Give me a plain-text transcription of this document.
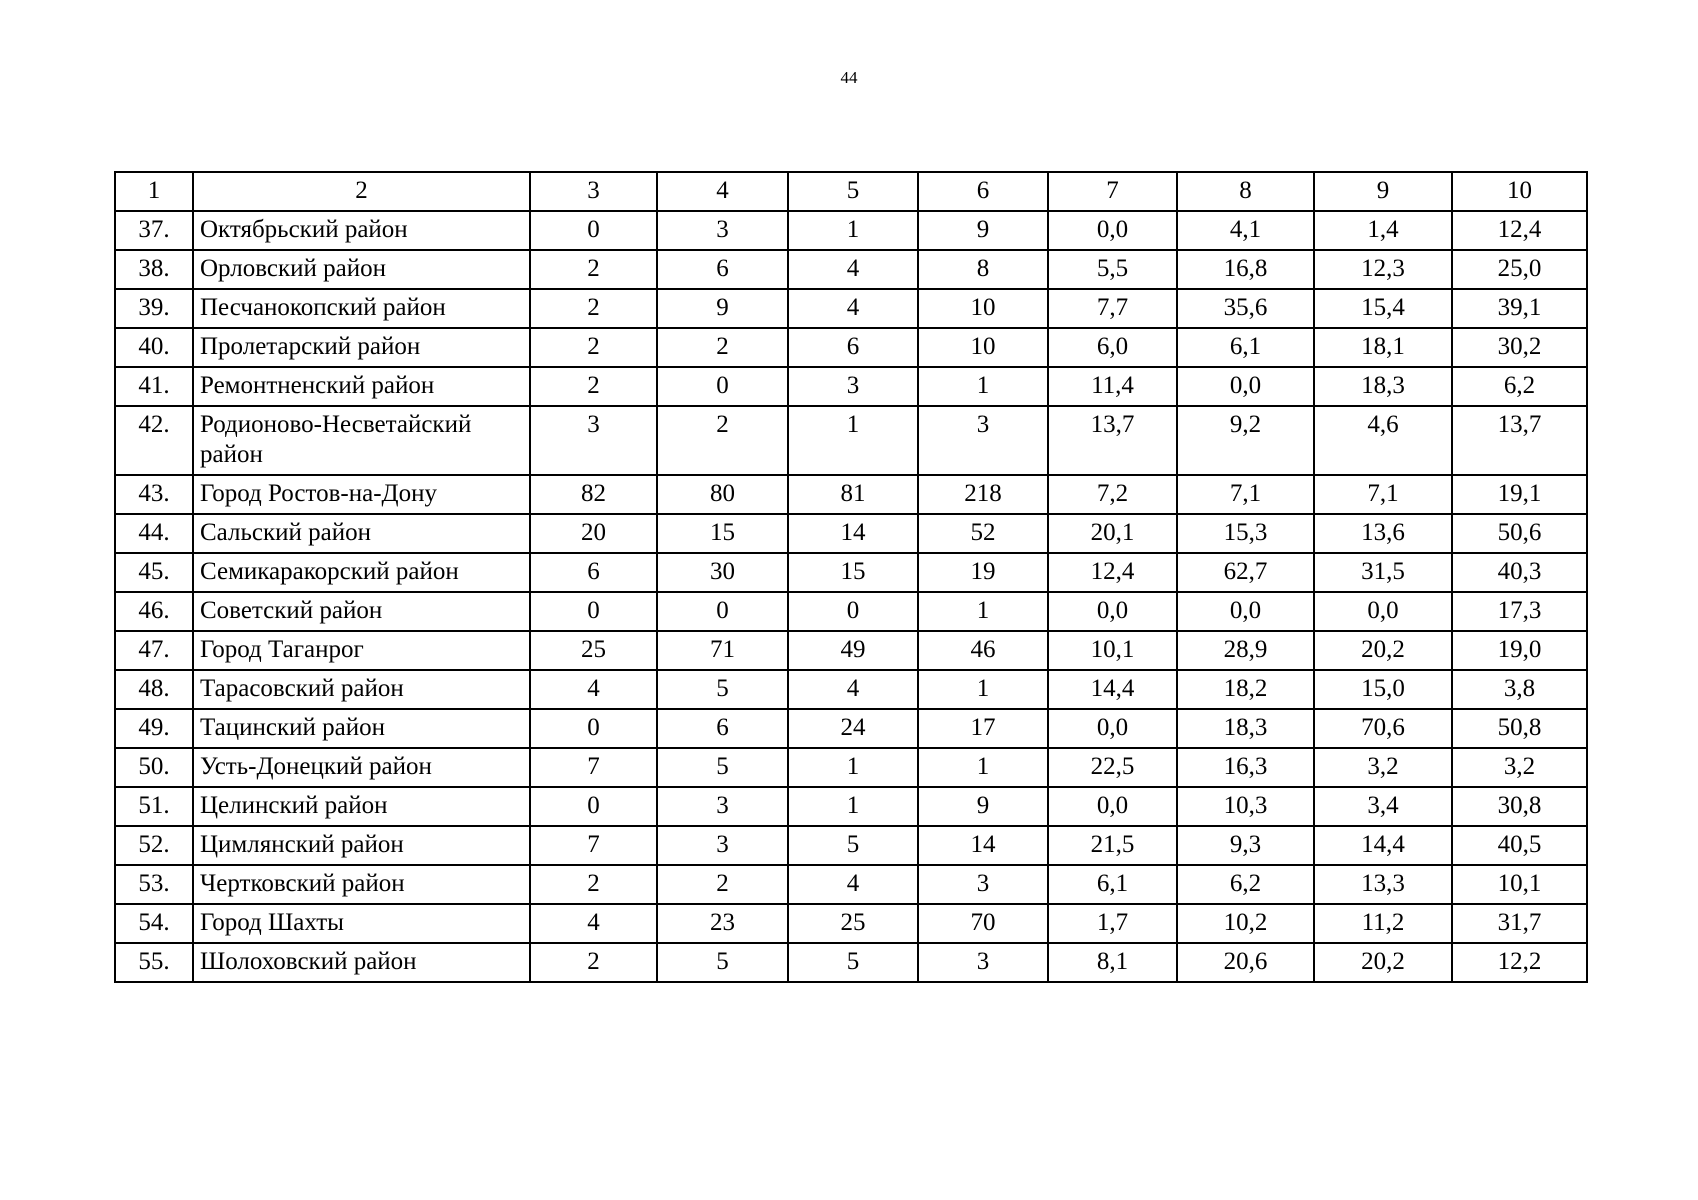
44
1	2	3	4	5	6	7	8	9	10
37.	Октябрьский район	0	3	1	9	0,0	4,1	1,4	12,4
38.	Орловский район	2	6	4	8	5,5	16,8	12,3	25,0
39.	Песчанокопский район	2	9	4	10	7,7	35,6	15,4	39,1
40.	Пролетарский район	2	2	6	10	6,0	6,1	18,1	30,2
41.	Ремонтненский район	2	0	3	1	11,4	0,0	18,3	6,2
42.	Родионово-Несветайский район	3	2	1	3	13,7	9,2	4,6	13,7
43.	Город Ростов-на-Дону	82	80	81	218	7,2	7,1	7,1	19,1
44.	Сальский район	20	15	14	52	20,1	15,3	13,6	50,6
45.	Семикаракорский район	6	30	15	19	12,4	62,7	31,5	40,3
46.	Советский район	0	0	0	1	0,0	0,0	0,0	17,3
47.	Город Таганрог	25	71	49	46	10,1	28,9	20,2	19,0
48.	Тарасовский район	4	5	4	1	14,4	18,2	15,0	3,8
49.	Тацинский район	0	6	24	17	0,0	18,3	70,6	50,8
50.	Усть-Донецкий район	7	5	1	1	22,5	16,3	3,2	3,2
51.	Целинский район	0	3	1	9	0,0	10,3	3,4	30,8
52.	Цимлянский район	7	3	5	14	21,5	9,3	14,4	40,5
53.	Чертковский район	2	2	4	3	6,1	6,2	13,3	10,1
54.	Город Шахты	4	23	25	70	1,7	10,2	11,2	31,7
55.	Шолоховский район	2	5	5	3	8,1	20,6	20,2	12,2
